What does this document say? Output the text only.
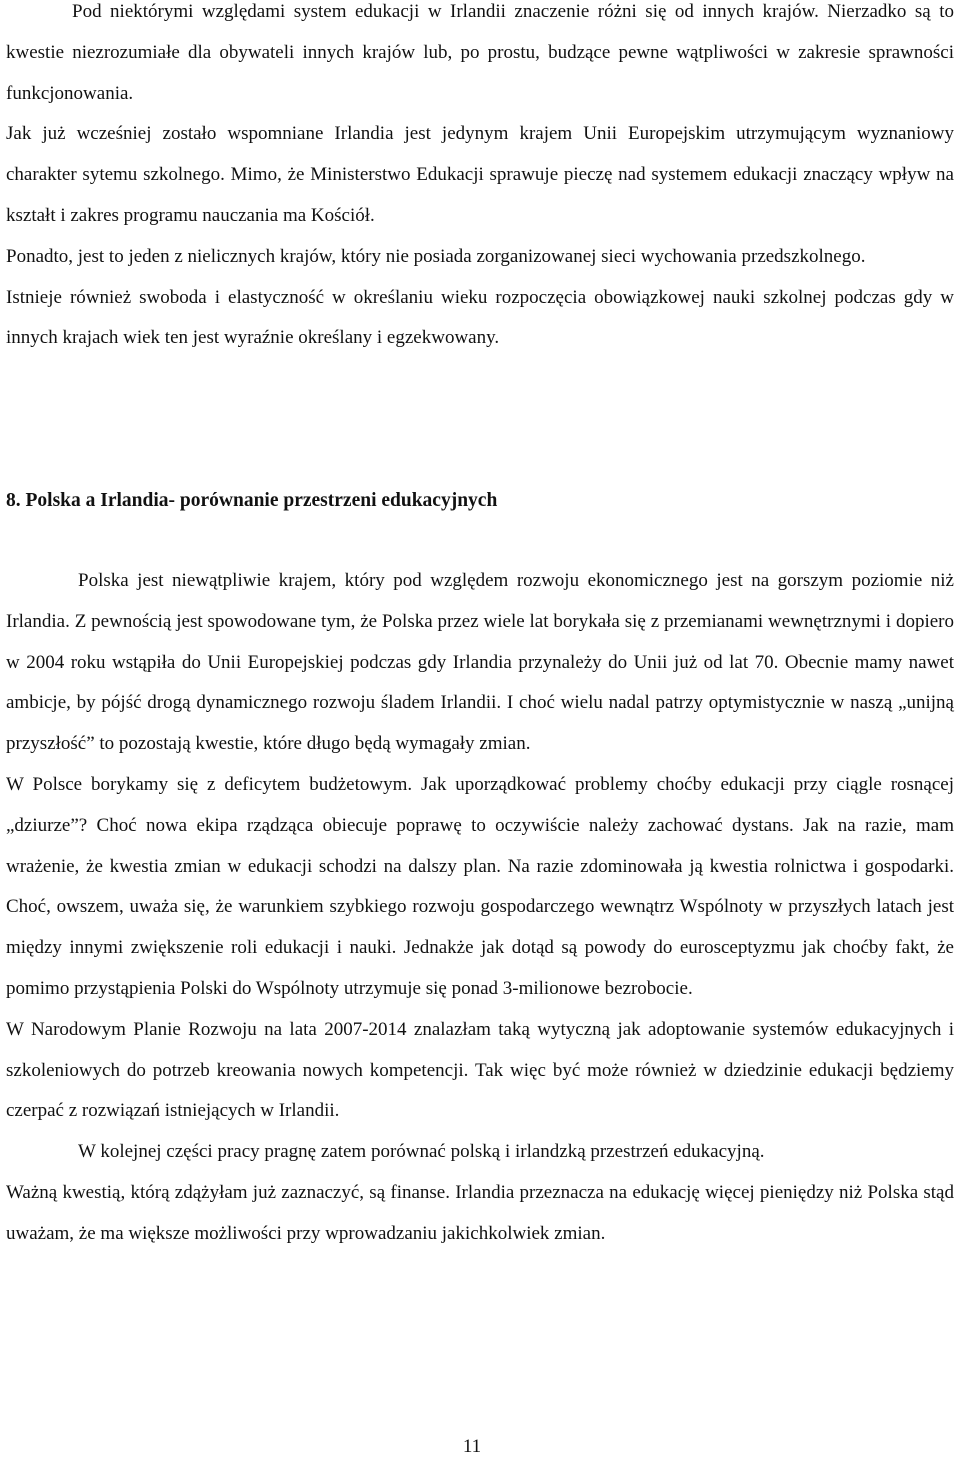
Pod niektórymi względami system edukacji w Irlandii znaczenie różni się od innych krajów. Nierzadko są to kwestie niezrozumiałe dla obywateli innych krajów lub, po prostu, budzące pewne wątpliwości w zakresie sprawności funkcjonowania.

Jak już wcześniej zostało wspomniane Irlandia jest jedynym krajem Unii Europejskim utrzymującym wyznaniowy charakter sytemu szkolnego. Mimo, że Ministerstwo Edukacji sprawuje pieczę nad systemem edukacji znaczący wpływ na kształt i zakres programu nauczania ma Kościół.

Ponadto, jest to jeden z nielicznych krajów, który nie posiada zorganizowanej sieci wychowania przedszkolnego.

Istnieje również swoboda i elastyczność w określaniu wieku rozpoczęcia obowiązkowej nauki szkolnej podczas gdy w innych krajach wiek ten jest wyraźnie określany i egzekwowany.

8. Polska a Irlandia- porównanie przestrzeni edukacyjnych

Polska jest niewątpliwie krajem, który pod względem rozwoju ekonomicznego jest na gorszym poziomie niż Irlandia. Z pewnością jest spowodowane tym, że Polska przez wiele lat borykała się z przemianami wewnętrznymi i dopiero w 2004 roku wstąpiła do Unii Europejskiej podczas gdy Irlandia przynależy do Unii już od lat 70. Obecnie mamy nawet ambicje, by pójść drogą dynamicznego rozwoju śladem Irlandii. I choć wielu nadal patrzy optymistycznie w naszą „unijną przyszłość” to pozostają kwestie, które długo będą wymagały zmian.

W Polsce borykamy się z deficytem budżetowym. Jak uporządkować problemy choćby edukacji przy ciągle rosnącej „dziurze”? Choć nowa ekipa rządząca obiecuje poprawę to oczywiście należy zachować dystans. Jak na razie, mam wrażenie, że kwestia zmian w edukacji schodzi na dalszy plan. Na razie zdominowała ją kwestia rolnictwa i gospodarki. Choć, owszem, uważa się, że warunkiem szybkiego rozwoju gospodarczego wewnątrz Wspólnoty w przyszłych latach jest między innymi zwiększenie roli edukacji i nauki. Jednakże jak dotąd są powody do eurosceptyzmu jak choćby fakt, że pomimo przystąpienia Polski do Wspólnoty utrzymuje się ponad 3-milionowe bezrobocie.

W Narodowym Planie Rozwoju na lata 2007-2014 znalazłam taką wytyczną jak adoptowanie systemów edukacyjnych i szkoleniowych do potrzeb kreowania nowych kompetencji. Tak więc być może również w dziedzinie edukacji będziemy czerpać z rozwiązań istniejących w Irlandii.

W kolejnej części pracy pragnę zatem porównać polską i irlandzką przestrzeń edukacyjną.

Ważną kwestią, którą zdążyłam już zaznaczyć, są finanse. Irlandia przeznacza na edukację więcej pieniędzy niż Polska stąd uważam, że ma większe możliwości przy wprowadzaniu jakichkolwiek zmian.

11
